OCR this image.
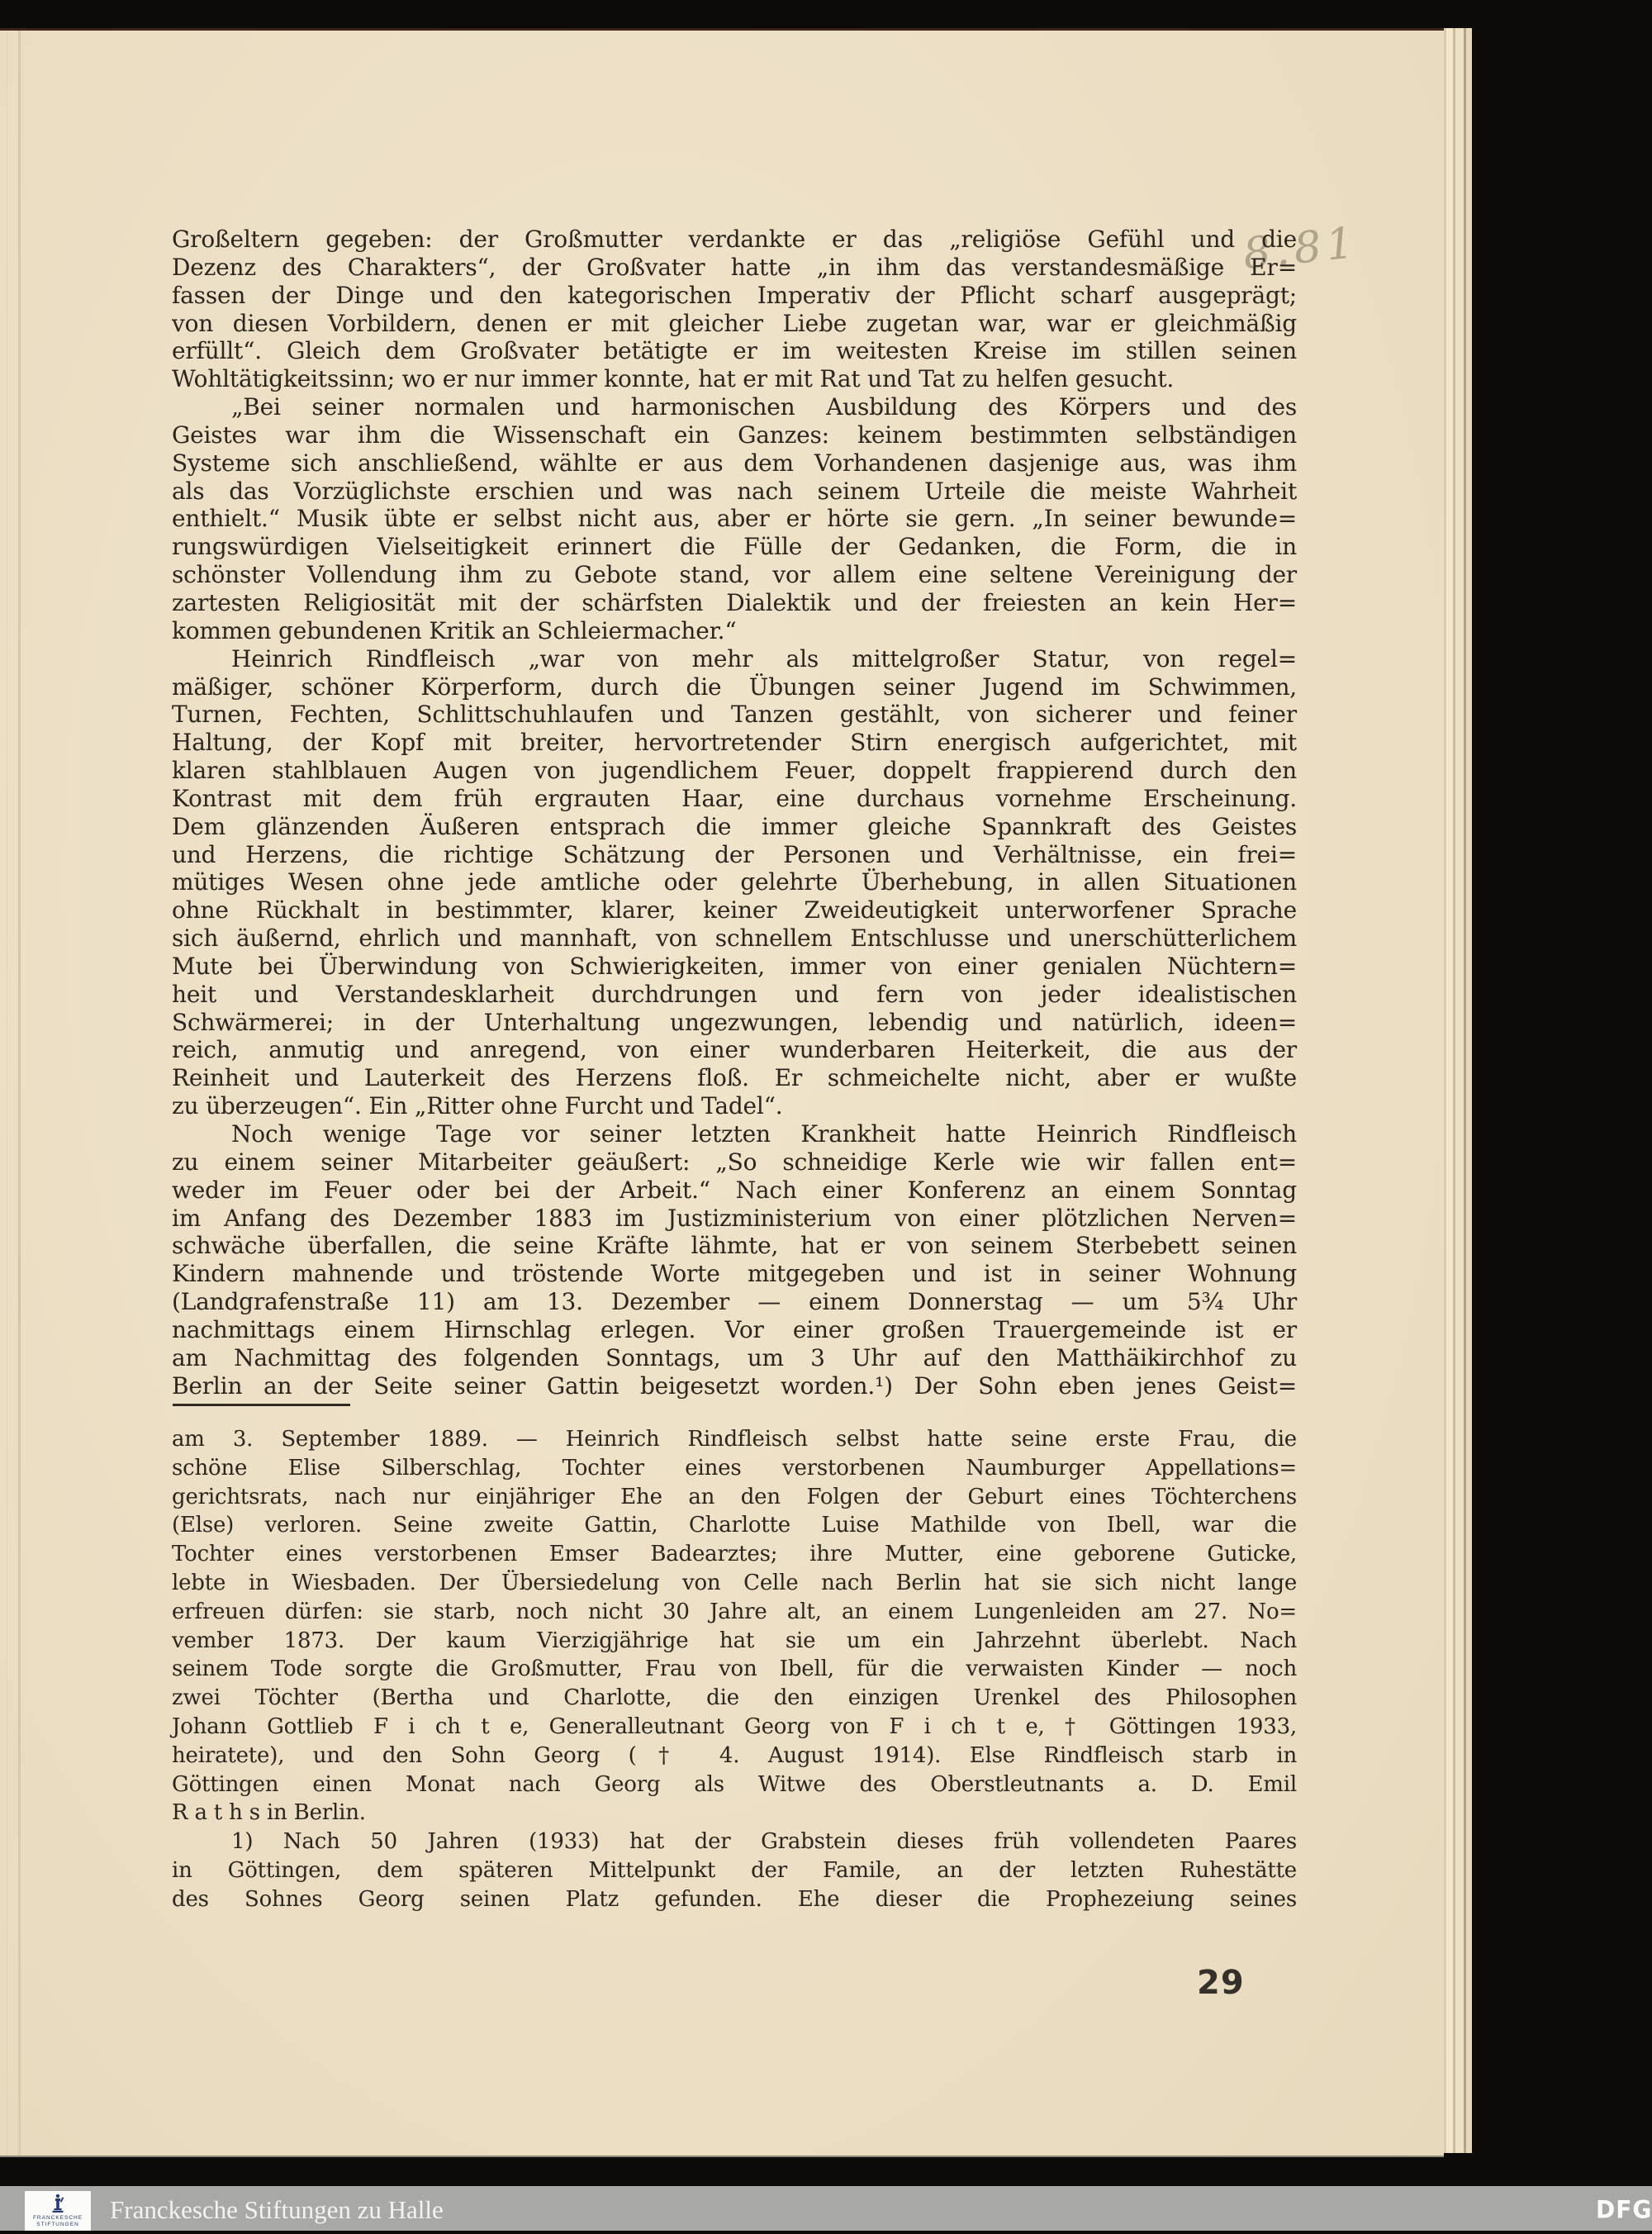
8.81
Großeltern gegeben: der Großmutter verdankte er das „religiöse Gefühl und die
Dezenz des Charakters“, der Großvater hatte „in ihm das verstandesmäßige Er=
fassen der Dinge und den kategorischen Imperativ der Pflicht scharf ausgeprägt;
von diesen Vorbildern, denen er mit gleicher Liebe zugetan war, war er gleichmäßig
erfüllt“. Gleich dem Großvater betätigte er im weitesten Kreise im stillen seinen
Wohltätigkeitssinn; wo er nur immer konnte, hat er mit Rat und Tat zu helfen gesucht.
„Bei seiner normalen und harmonischen Ausbildung des Körpers und des
Geistes war ihm die Wissenschaft ein Ganzes: keinem bestimmten selbständigen
Systeme sich anschließend, wählte er aus dem Vorhandenen dasjenige aus, was ihm
als das Vorzüglichste erschien und was nach seinem Urteile die meiste Wahrheit
enthielt.“ Musik übte er selbst nicht aus, aber er hörte sie gern. „In seiner bewunde=
rungswürdigen Vielseitigkeit erinnert die Fülle der Gedanken, die Form, die in
schönster Vollendung ihm zu Gebote stand, vor allem eine seltene Vereinigung der
zartesten Religiosität mit der schärfsten Dialektik und der freiesten an kein Her=
kommen gebundenen Kritik an Schleiermacher.“
Heinrich Rindfleisch „war von mehr als mittelgroßer Statur, von regel=
mäßiger, schöner Körperform, durch die Übungen seiner Jugend im Schwimmen,
Turnen, Fechten, Schlittschuhlaufen und Tanzen gestählt, von sicherer und feiner
Haltung, der Kopf mit breiter, hervortretender Stirn energisch aufgerichtet, mit
klaren stahlblauen Augen von jugendlichem Feuer, doppelt frappierend durch den
Kontrast mit dem früh ergrauten Haar, eine durchaus vornehme Erscheinung.
Dem glänzenden Äußeren entsprach die immer gleiche Spannkraft des Geistes
und Herzens, die richtige Schätzung der Personen und Verhältnisse, ein frei=
mütiges Wesen ohne jede amtliche oder gelehrte Überhebung, in allen Situationen
ohne Rückhalt in bestimmter, klarer, keiner Zweideutigkeit unterworfener Sprache
sich äußernd, ehrlich und mannhaft, von schnellem Entschlusse und unerschütterlichem
Mute bei Überwindung von Schwierigkeiten, immer von einer genialen Nüchtern=
heit und Verstandesklarheit durchdrungen und fern von jeder idealistischen
Schwärmerei; in der Unterhaltung ungezwungen, lebendig und natürlich, ideen=
reich, anmutig und anregend, von einer wunderbaren Heiterkeit, die aus der
Reinheit und Lauterkeit des Herzens floß. Er schmeichelte nicht, aber er wußte
zu überzeugen“. Ein „Ritter ohne Furcht und Tadel“.
Noch wenige Tage vor seiner letzten Krankheit hatte Heinrich Rindfleisch
zu einem seiner Mitarbeiter geäußert: „So schneidige Kerle wie wir fallen ent=
weder im Feuer oder bei der Arbeit.“ Nach einer Konferenz an einem Sonntag
im Anfang des Dezember 1883 im Justizministerium von einer plötzlichen Nerven=
schwäche überfallen, die seine Kräfte lähmte, hat er von seinem Sterbebett seinen
Kindern mahnende und tröstende Worte mitgegeben und ist in seiner Wohnung
(Landgrafenstraße 11) am 13. Dezember — einem Donnerstag — um 5¾ Uhr
nachmittags einem Hirnschlag erlegen. Vor einer großen Trauergemeinde ist er
am Nachmittag des folgenden Sonntags, um 3 Uhr auf den Matthäikirchhof zu
Berlin an der Seite seiner Gattin beigesetzt worden.¹) Der Sohn eben jenes Geist=
am 3. September 1889. — Heinrich Rindfleisch selbst hatte seine erste Frau, die
schöne Elise Silberschlag, Tochter eines verstorbenen Naumburger Appellations=
gerichtsrats, nach nur einjähriger Ehe an den Folgen der Geburt eines Töchterchens
(Else) verloren. Seine zweite Gattin, Charlotte Luise Mathilde von Ibell, war die
Tochter eines verstorbenen Emser Badearztes; ihre Mutter, eine geborene Guticke,
lebte in Wiesbaden. Der Übersiedelung von Celle nach Berlin hat sie sich nicht lange
erfreuen dürfen: sie starb, noch nicht 30 Jahre alt, an einem Lungenleiden am 27. No=
vember 1873. Der kaum Vierzigjährige hat sie um ein Jahrzehnt überlebt. Nach
seinem Tode sorgte die Großmutter, Frau von Ibell, für die verwaisten Kinder — noch
zwei Töchter (Bertha und Charlotte, die den einzigen Urenkel des Philosophen
Johann Gottlieb F i ch t e, Generalleutnant Georg von F i ch t e, † Göttingen 1933,
heiratete), und den Sohn Georg († 4. August 1914). Else Rindfleisch starb in
Göttingen einen Monat nach Georg als Witwe des Oberstleutnants a. D. Emil
R a t h s in Berlin.
1) Nach 50 Jahren (1933) hat der Grabstein dieses früh vollendeten Paares
in Göttingen, dem späteren Mittelpunkt der Famile, an der letzten Ruhestätte
des Sohnes Georg seinen Platz gefunden. Ehe dieser die Prophezeiung seines
29
FRANCKESCHE
STIFTUNGEN Franckesche Stiftungen zu Halle	DFG
